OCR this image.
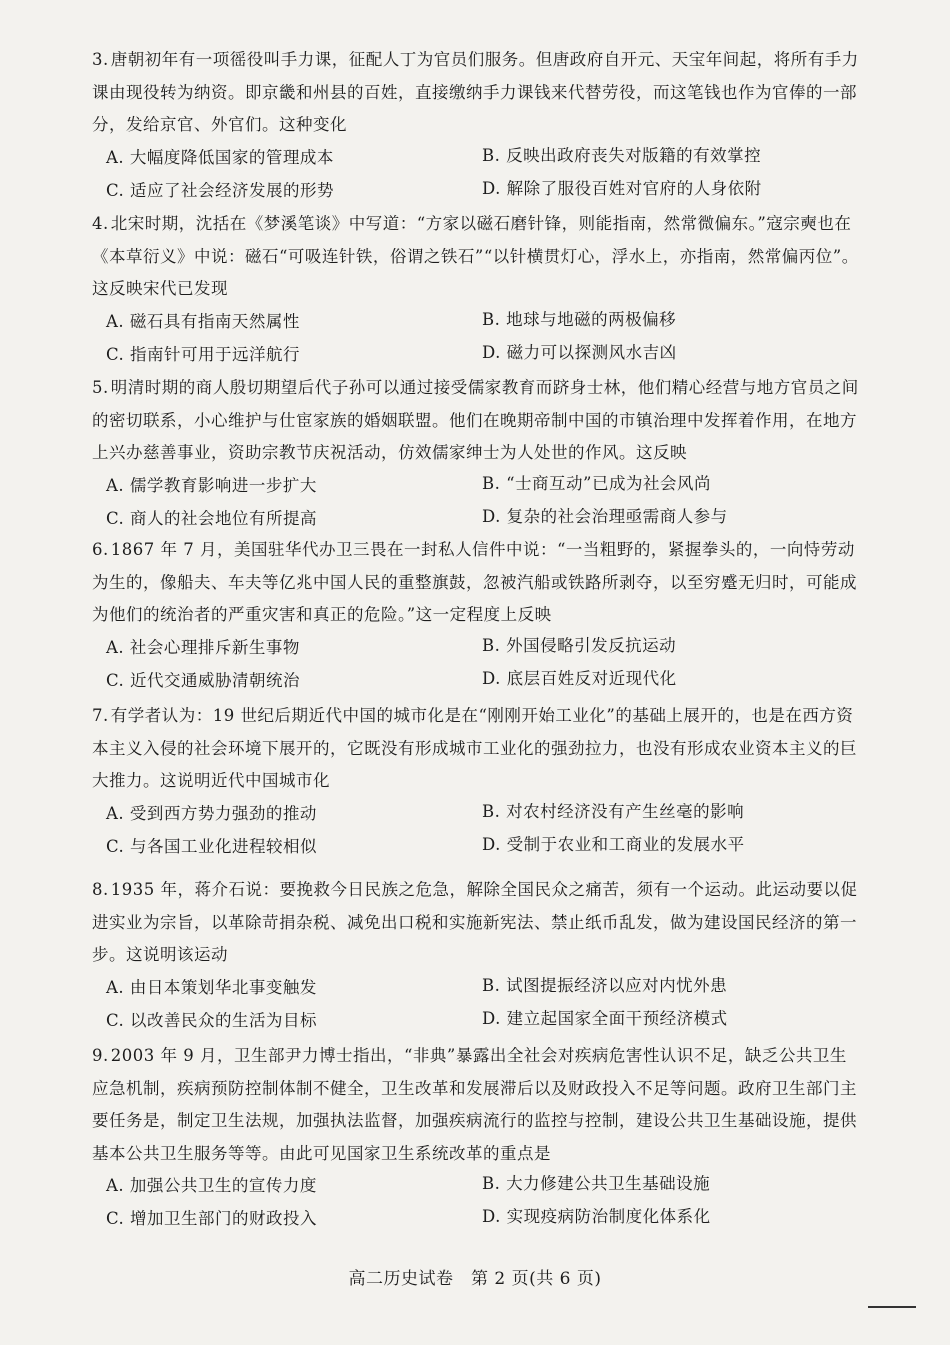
3. 唐朝初年有一项徭役叫手力课，征配人丁为官员们服务。但唐政府自开元、天宝年间起，将所有手力课由现役转为纳资。即京畿和州县的百姓，直接缴纳手力课钱来代替劳役，而这笔钱也作为官俸的一部分，发给京官、外官们。这种变化
A. 大幅度降低国家的管理成本	B. 反映出政府丧失对版籍的有效掌控
C. 适应了社会经济发展的形势	D. 解除了服役百姓对官府的人身依附
4. 北宋时期，沈括在《梦溪笔谈》中写道：“方家以磁石磨针锋，则能指南，然常微偏东。”寇宗奭也在《本草衍义》中说：磁石“可吸连针铁，俗谓之铁石”“以针横贯灯心，浮水上，亦指南，然常偏丙位”。这反映宋代已发现
A. 磁石具有指南天然属性	B. 地球与地磁的两极偏移
C. 指南针可用于远洋航行	D. 磁力可以探测风水吉凶
5. 明清时期的商人殷切期望后代子孙可以通过接受儒家教育而跻身士林，他们精心经营与地方官员之间的密切联系，小心维护与仕宦家族的婚姻联盟。他们在晚期帝制中国的市镇治理中发挥着作用，在地方上兴办慈善事业，资助宗教节庆祝活动，仿效儒家绅士为人处世的作风。这反映
A. 儒学教育影响进一步扩大	B. “士商互动”已成为社会风尚
C. 商人的社会地位有所提高	D. 复杂的社会治理亟需商人参与
6. 1867 年 7 月，美国驻华代办卫三畏在一封私人信件中说：“一当粗野的，紧握拳头的，一向恃劳动为生的，像船夫、车夫等亿兆中国人民的重整旗鼓，忽被汽船或铁路所剥夺，以至穷蹙无归时，可能成为他们的统治者的严重灾害和真正的危险。”这一定程度上反映
A. 社会心理排斥新生事物	B. 外国侵略引发反抗运动
C. 近代交通威胁清朝统治	D. 底层百姓反对近现代化
7. 有学者认为：19 世纪后期近代中国的城市化是在“刚刚开始工业化”的基础上展开的，也是在西方资本主义入侵的社会环境下展开的，它既没有形成城市工业化的强劲拉力，也没有形成农业资本主义的巨大推力。这说明近代中国城市化
A. 受到西方势力强劲的推动	B. 对农村经济没有产生丝毫的影响
C. 与各国工业化进程较相似	D. 受制于农业和工商业的发展水平
8. 1935 年，蒋介石说：要挽救今日民族之危急，解除全国民众之痛苦，须有一个运动。此运动要以促进实业为宗旨，以革除苛捐杂税、减免出口税和实施新宪法、禁止纸币乱发，做为建设国民经济的第一步。这说明该运动
A. 由日本策划华北事变触发	B. 试图提振经济以应对内忧外患
C. 以改善民众的生活为目标	D. 建立起国家全面干预经济模式
9. 2003 年 9 月，卫生部尹力博士指出，“非典”暴露出全社会对疾病危害性认识不足，缺乏公共卫生应急机制，疾病预防控制体制不健全，卫生改革和发展滞后以及财政投入不足等问题。政府卫生部门主要任务是，制定卫生法规，加强执法监督，加强疾病流行的监控与控制，建设公共卫生基础设施，提供基本公共卫生服务等等。由此可见国家卫生系统改革的重点是
A. 加强公共卫生的宣传力度	B. 大力修建公共卫生基础设施
C. 增加卫生部门的财政投入	D. 实现疫病防治制度化体系化
高二历史试卷　第 2 页(共 6 页)
